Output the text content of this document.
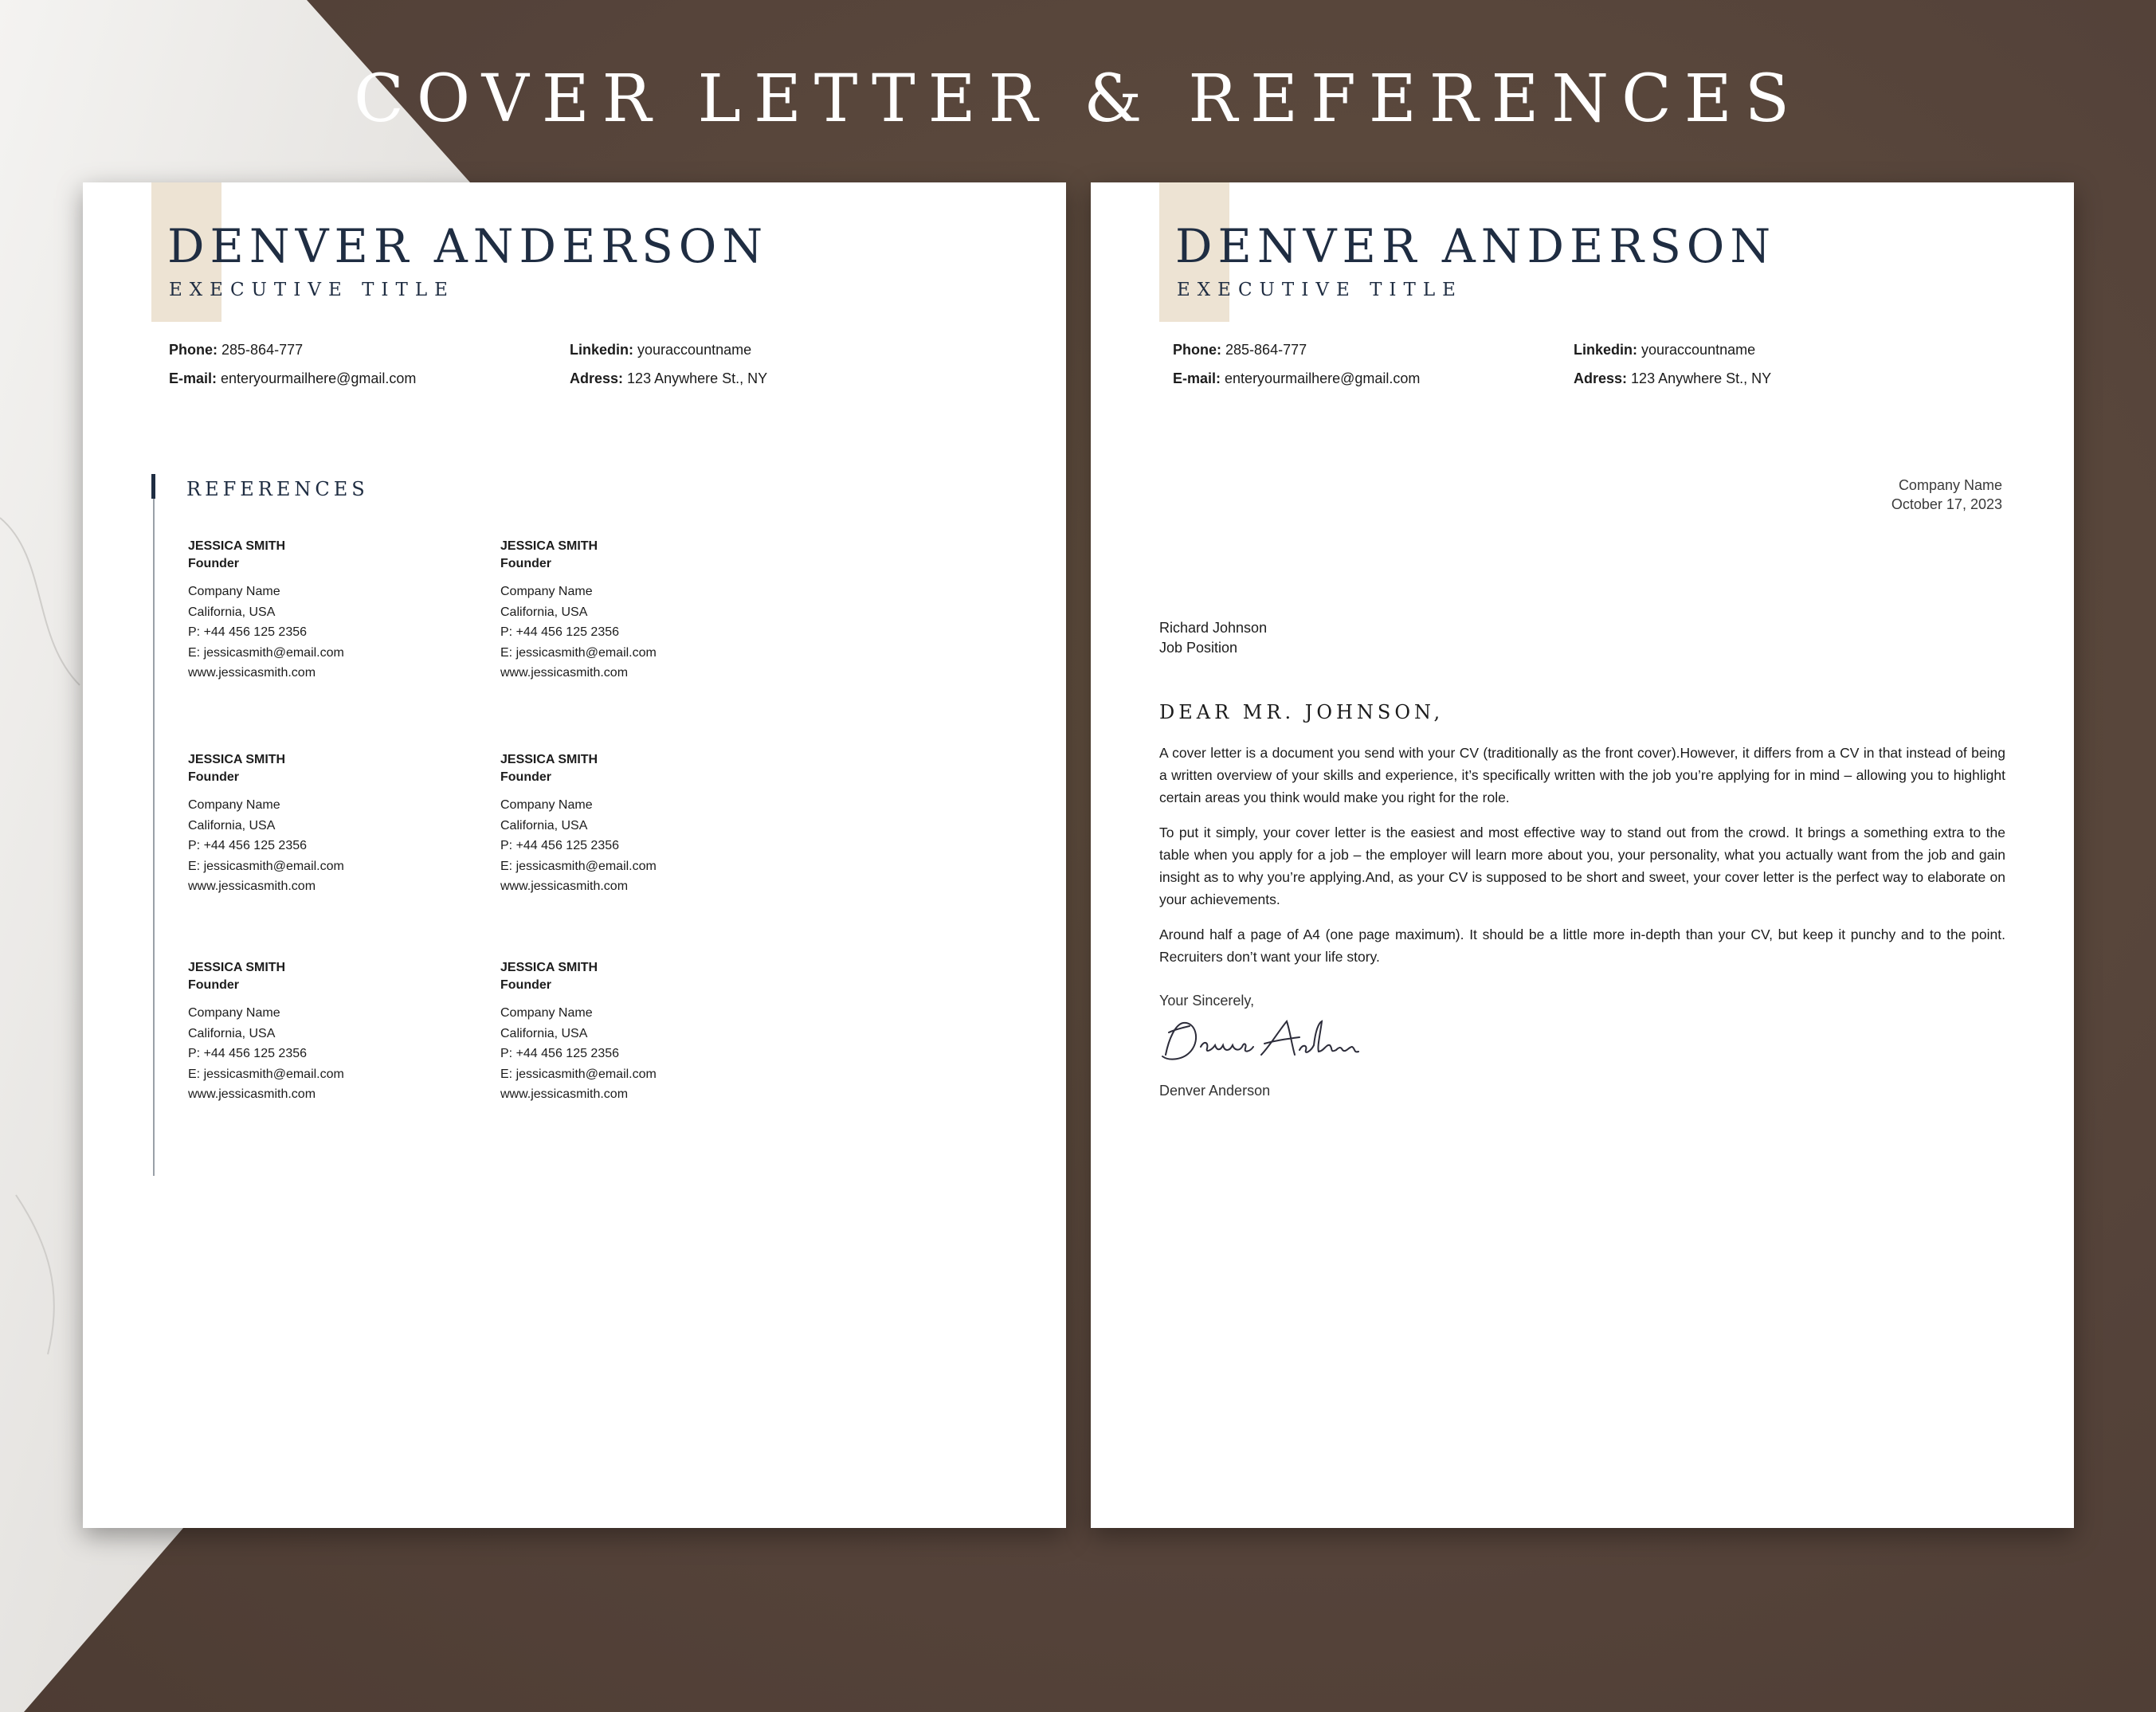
COVER LETTER & REFERENCES
DENVER ANDERSON
EXECUTIVE TITLE
Phone: 285-864-777
E-mail: enteryourmailhere@gmail.com
Linkedin: youraccountname
Adress: 123 Anywhere St., NY
REFERENCES
JESSICA SMITH
Founder
Company Name
California, USA
P: +44 456 125 2356
E: jessicasmith@email.com
www.jessicasmith.com
JESSICA SMITH
Founder
Company Name
California, USA
P: +44 456 125 2356
E: jessicasmith@email.com
www.jessicasmith.com
JESSICA SMITH
Founder
Company Name
California, USA
P: +44 456 125 2356
E: jessicasmith@email.com
www.jessicasmith.com
JESSICA SMITH
Founder
Company Name
California, USA
P: +44 456 125 2356
E: jessicasmith@email.com
www.jessicasmith.com
JESSICA SMITH
Founder
Company Name
California, USA
P: +44 456 125 2356
E: jessicasmith@email.com
www.jessicasmith.com
JESSICA SMITH
Founder
Company Name
California, USA
P: +44 456 125 2356
E: jessicasmith@email.com
www.jessicasmith.com
DENVER ANDERSON
EXECUTIVE TITLE
Phone: 285-864-777
E-mail: enteryourmailhere@gmail.com
Linkedin: youraccountname
Adress: 123 Anywhere St., NY
Company Name
October 17, 2023
Richard Johnson
Job Position
DEAR MR. JOHNSON,
A cover letter is a document you send with your CV (traditionally as the front cover).However, it differs from a CV in that instead of being a written overview of your skills and experience, it’s specifically written with the job you’re applying for in mind – allowing you to highlight certain areas you think would make you right for the role.
To put it simply, your cover letter is the easiest and most effective way to stand out from the crowd. It brings a something extra to the table when you apply for a job – the employer will learn more about you, your personality, what you actually want from the job and gain insight as to why you’re applying.And, as your CV is supposed to be short and sweet, your cover letter is the perfect way to elaborate on your achievements.
Around half a page of A4 (one page maximum). It should be a little more in-depth than your CV, but keep it punchy and to the point. Recruiters don’t want your life story.
Your Sincerely,
Denver Anderson
